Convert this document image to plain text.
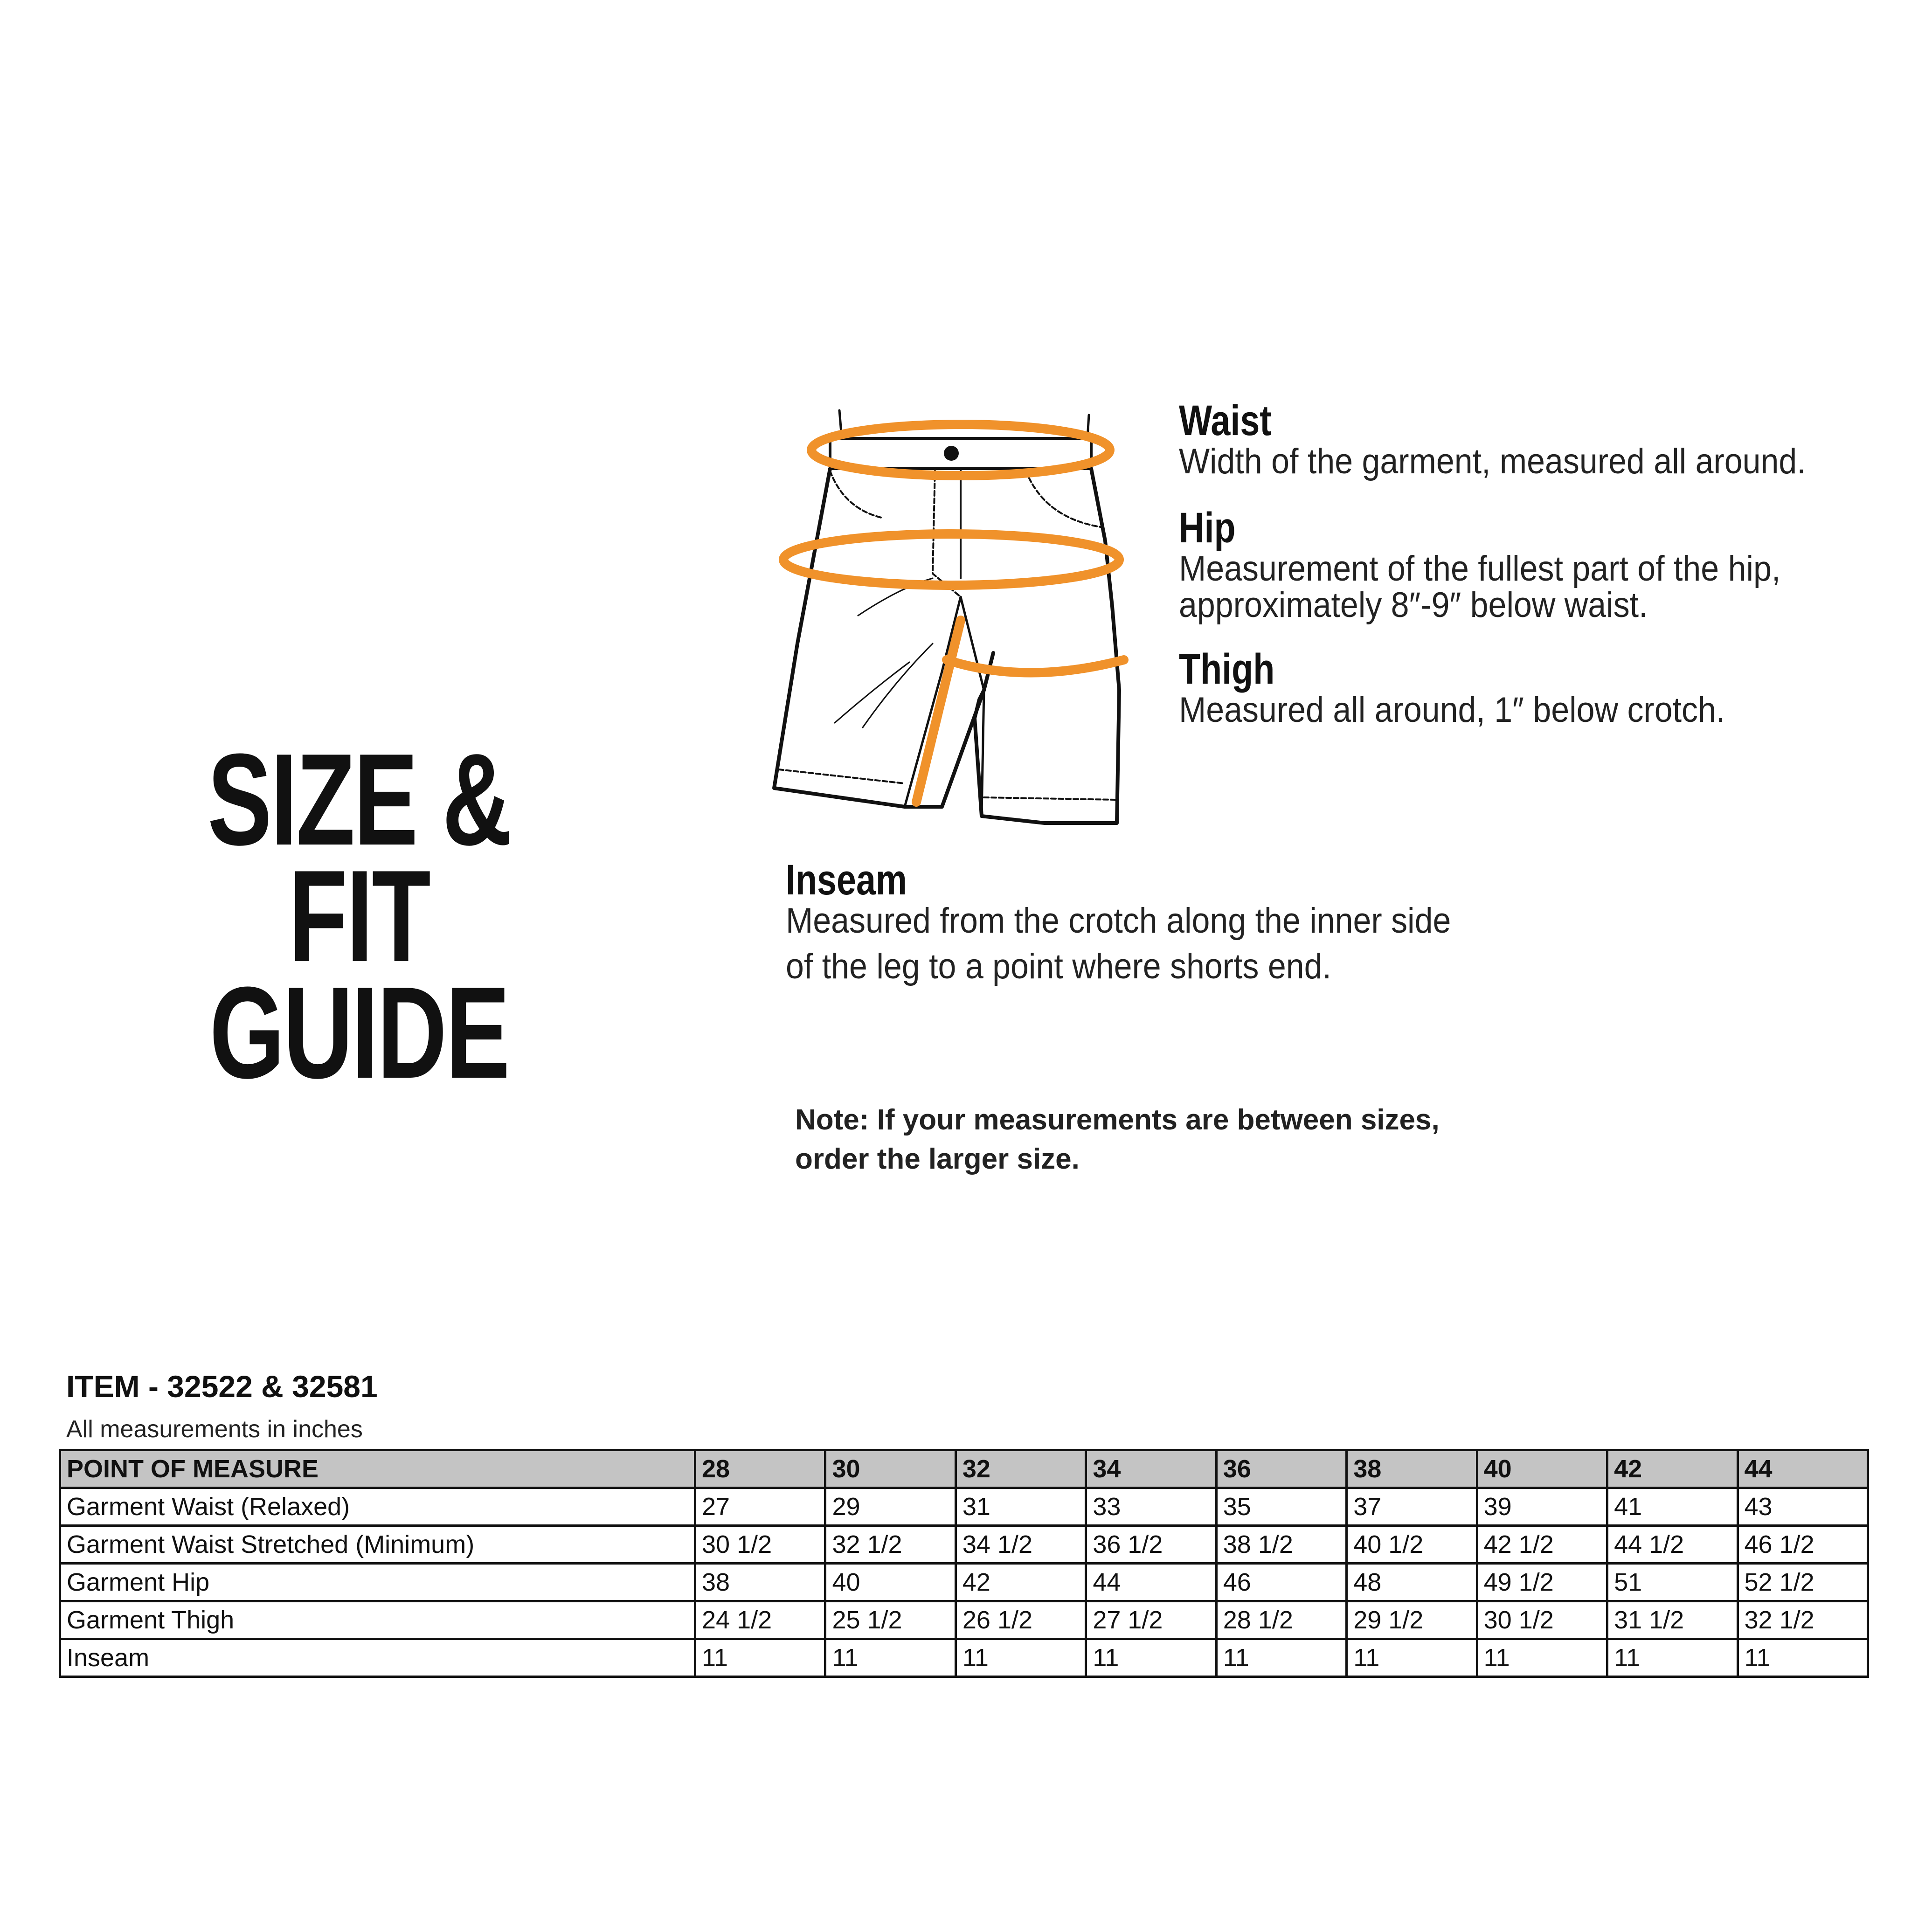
SIZE & FIT
GUIDE
Waist
Width of the garment, measured all around.
Hip
Measurement of the fullest part of the hip,
approximately 8″-9″ below waist.
Thigh
Measured all around, 1″ below crotch.
Inseam
Measured from the crotch along the inner side
of the leg to a point where shorts end.
Note: If your measurements are between sizes,
order the larger size.
ITEM - 32522 & 32581
All measurements in inches
POINT OF MEASURE	28	30	32	34	36	38	40	42	44
Garment Waist (Relaxed)	27	29	31	33	35	37	39	41	43
Garment Waist Stretched (Minimum)	30 1/2	32 1/2	34 1/2	36 1/2	38 1/2	40 1/2	42 1/2	44 1/2	46 1/2
Garment Hip	38	40	42	44	46	48	49 1/2	51	52 1/2
Garment Thigh	24 1/2	25 1/2	26 1/2	27 1/2	28 1/2	29 1/2	30 1/2	31 1/2	32 1/2
Inseam	11	11	11	11	11	11	11	11	11
